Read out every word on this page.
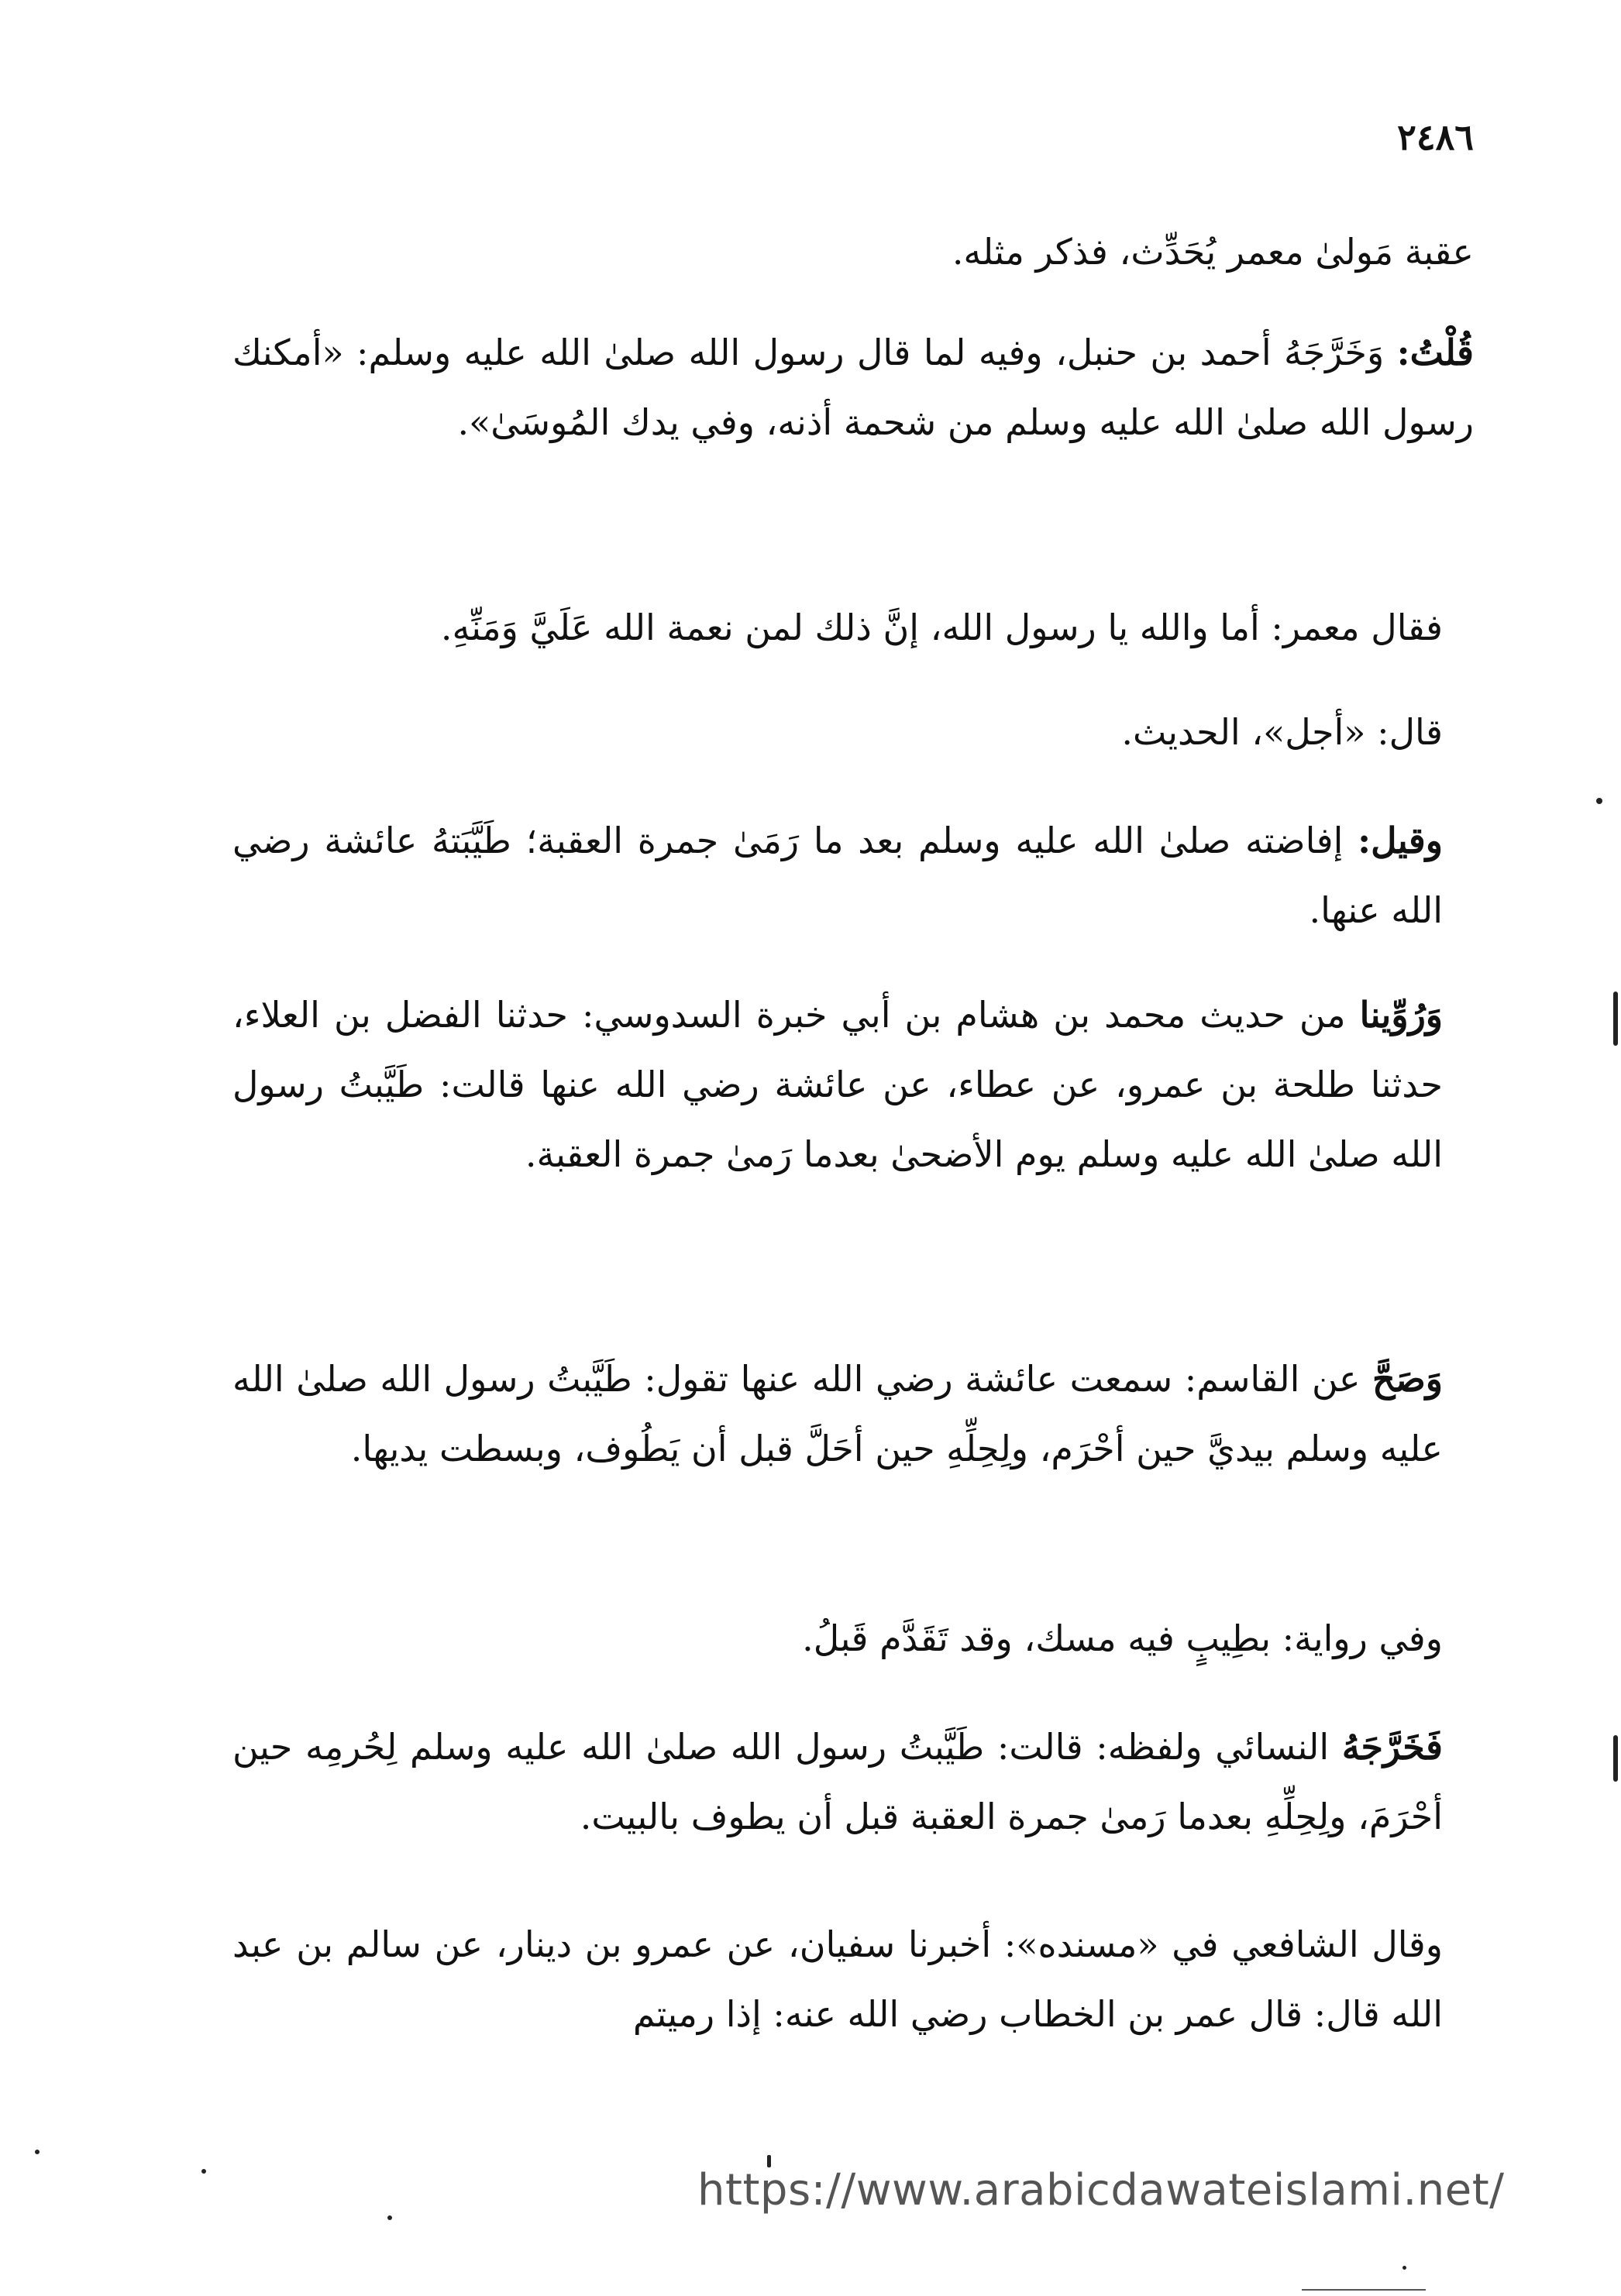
٢٤٨٦

عقبة مَولىٰ معمر يُحَدِّث، فذكر مثله.

قُلْتُ: وَخَرَّجَهُ أحمد بن حنبل، وفيه لما قال رسول الله صلىٰ الله عليه وسلم: «أمكنك رسول الله صلىٰ الله عليه وسلم من شحمة أذنه، وفي يدك المُوسَىٰ».

فقال معمر: أما والله يا رسول الله، إنَّ ذلك لمن نعمة الله عَلَيَّ وَمَنِّهِ.

قال: «أجل»، الحديث.

وقيل: إفاضته صلىٰ الله عليه وسلم بعد ما رَمَىٰ جمرة العقبة؛ طَيَّبَتهُ عائشة رضي الله عنها.

وَرُوِّينا من حديث محمد بن هشام بن أبي خبرة السدوسي: حدثنا الفضل بن العلاء، حدثنا طلحة بن عمرو، عن عطاء، عن عائشة رضي الله عنها قالت: طَيَّبتُ رسول الله صلىٰ الله عليه وسلم يوم الأضحىٰ بعدما رَمىٰ جمرة العقبة.

وَصَحَّ عن القاسم: سمعت عائشة رضي الله عنها تقول: طَيَّبتُ رسول الله صلىٰ الله عليه وسلم بيديَّ حين أحْرَم، ولِحِلِّهِ حين أحَلَّ قبل أن يَطُوف، وبسطت يديها.

وفي رواية: بطِيبٍ فيه مسك، وقد تَقَدَّم قَبلُ.

فَخَرَّجَهُ النسائي ولفظه: قالت: طَيَّبتُ رسول الله صلىٰ الله عليه وسلم لِحُرمِه حين أحْرَمَ، ولِحِلِّهِ بعدما رَمىٰ جمرة العقبة قبل أن يطوف بالبيت.

وقال الشافعي في «مسنده»: أخبرنا سفيان، عن عمرو بن دينار، عن سالم بن عبد الله قال: قال عمر بن الخطاب رضي الله عنه: إذا رميتم

https://www.arabicdawateislami.net/
